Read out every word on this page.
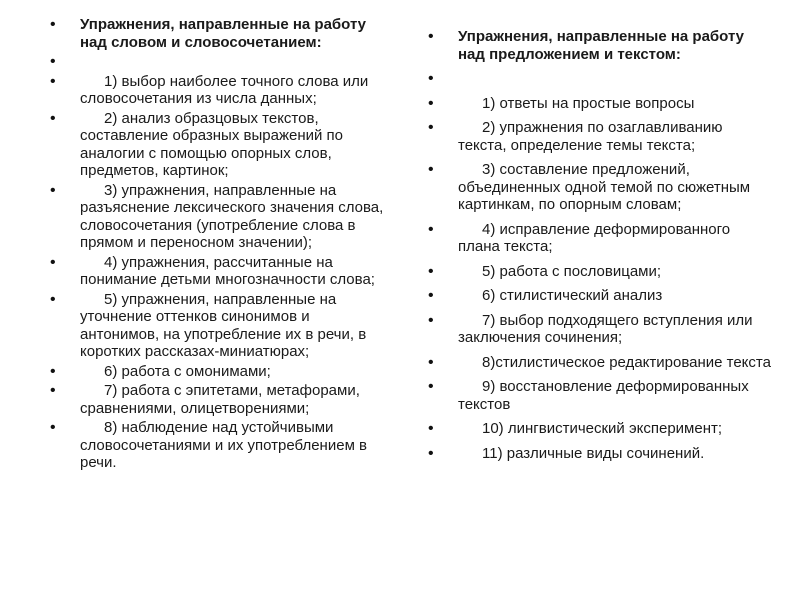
• Упражнения, направленные на работу над словом и словосочетанием:
•
• 1) выбор наиболее точного слова или словосочетания из числа данных;
• 2) анализ образцовых текстов, составление образных выражений по аналогии с помощью опорных слов, предметов, картинок;
• 3) упражнения, направленные на разъяснение лексического значения слова, словосочетания (употребление слова в прямом и переносном значении);
• 4) упражнения, рассчитанные на понимание детьми многозначности слова;
• 5) упражнения, направленные на уточнение оттенков синонимов и антонимов, на употребление их в речи, в коротких рассказах-миниатюрах;
• 6) работа с омонимами;
• 7) работа с эпитетами, метафорами, сравнениями, олицетворениями;
• 8) наблюдение над устойчивыми словосочетаниями и их употреблением в речи.
• Упражнения, направленные на работу над предложением и текстом:
•
• 1) ответы на простые вопросы
• 2) упражнения по озаглавливанию текста, определение темы текста;
• 3) составление предложений, объединенных одной темой по сюжетным картинкам, по опорным словам;
• 4) исправление деформированного плана текста;
• 5) работа с пословицами;
• 6) стилистический анализ
• 7) выбор подходящего вступления или заключения сочинения;
• 8)стилистическое редактирование текста
• 9) восстановление деформированных текстов
• 10) лингвистический эксперимент;
• 11) различные виды сочинений.
